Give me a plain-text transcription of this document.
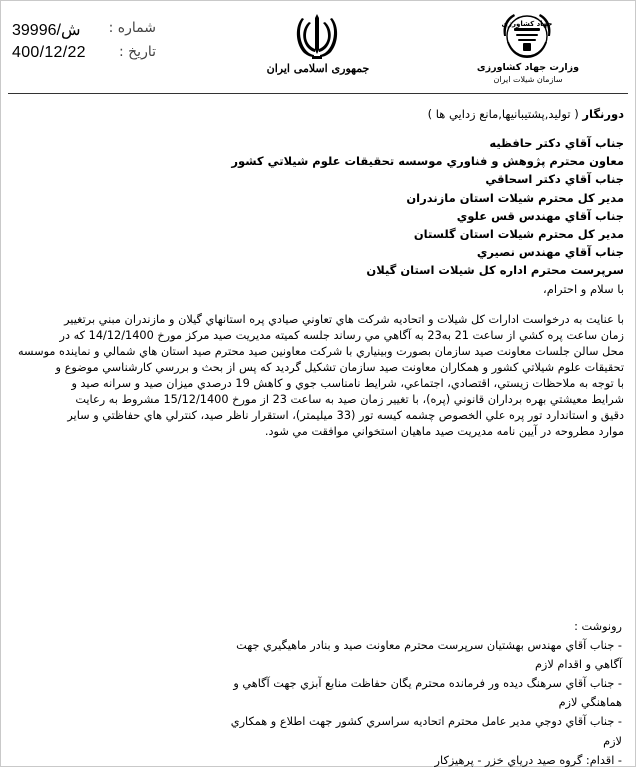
ش/39996 شماره :
400/12/22 تاريخ :
جمهوری اسلامی ایران
جهاد کشاورزی
وزارت جهاد کشاورزی
سازمان شیلات ایران
دورنگار ( توليد,پشتيبانيها,مانع زدايي ها )
جناب آقاي دكتر حافظيه
معاون محترم پژوهش و فناوري موسسه تحقيقات علوم شيلاتي كشور
جناب آقاي دكتر اسحاقي
مدير كل محترم شيلات استان مازندران
جناب آقاي مهندس قس علوي
مدير كل محترم شيلات استان گلستان
جناب آقاي مهندس نصيري
سرپرست محترم اداره كل شيلات استان گيلان
با سلام و احترام،
با عنايت به درخواست ادارات كل شيلات و اتحاديه شركت هاي تعاوني صيادي پره استانهاي گيلان و مازندران مبني برتغيير
زمان ساعت پره كشي از ساعت 21 به23 به آگاهي مي رساند جلسه كميته مديريت صيد مركز مورخ 14/12/1400 كه در
محل سالن جلسات معاونت صيد سازمان بصورت وبينياري با شركت معاونين صيد محترم صيد استان هاي شمالي و نماينده موسسه
تحقيقات علوم شيلاتي كشور و همكاران معاونت صيد سازمان تشكيل گرديد كه پس از بحث و بررسي كارشناسي موضوع و
با توجه به ملاحظات زيستي، اقتصادي، اجتماعي، شرايط نامناسب جوي و كاهش 19 درصدي ميزان صيد و سرانه صيد و
شرايط معيشتي بهره برداران قانوني (پره)، با تغيير زمان صيد به ساعت 23 از مورخ 15/12/1400 مشروط به رعايت
دقيق و استاندارد تور پره علي الخصوص چشمه كيسه تور (33 ميليمتر)، استقرار ناظر صيد، كنترلي هاي حفاظتي و ساير
موارد مطروحه در آيين نامه مديريت صيد ماهيان استخواني موافقت مي شود.

رونوشت :

- جناب آقاي مهندس بهشتيان سرپرست محترم معاونت صيد و بنادر ماهيگيري جهت

آگاهي و اقدام لازم

- جناب آقاي سرهنگ ديده ور فرمانده محترم يگان حفاظت منابع آبزي جهت آگاهي و

هماهنگي لازم

- جناب آقاي دوجي مدير عامل محترم اتحاديه سراسري كشور جهت اطلاع و همكاري

لازم

- اقدام: گروه صيد درياي خزر - پرهيزكار
